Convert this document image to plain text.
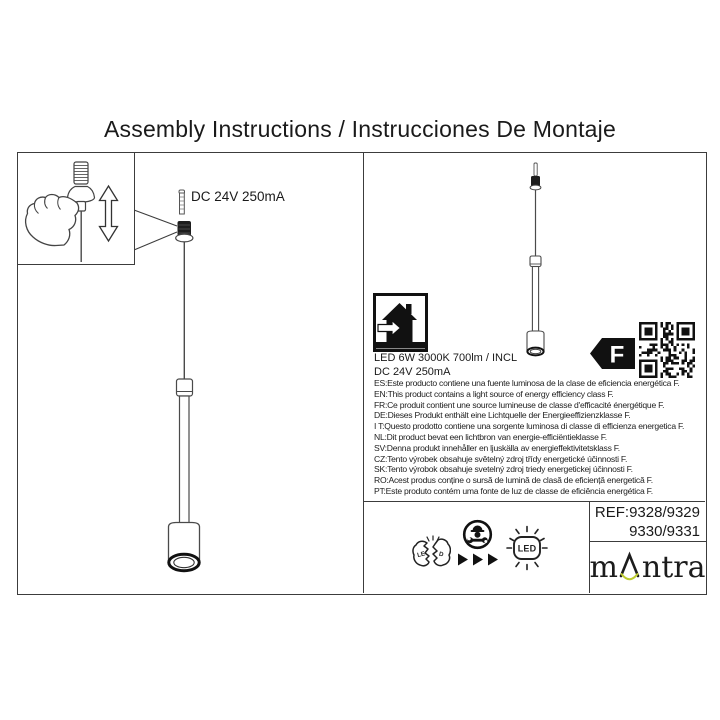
Assembly Instructions / Instrucciones De Montaje
DC 24V 250mA
LED 6W 3000K 700lm / INCL
DC 24V 250mA
ES:Este producto contiene una fuente luminosa de la clase de eficiencia energética F.
EN:This product contains a light source of energy efficiency class F.
FR:Ce produit contient une source lumineuse de classe d'efficacité énergétique F.
DE:Dieses Produkt enthält eine Lichtquelle der Energieeffizienzklasse F.
I T:Questo prodotto contiene una sorgente luminosa di classe di efficienza energetica F.
NL:Dit product bevat een lichtbron van energie-efficiëntieklasse F.
SV:Denna produkt innehåller en ljuskälla av energieffektivitetsklass F.
CZ:Tento výrobek obsahuje světelný zdroj třídy energetické účinnosti F.
SK:Tento výrobok obsahuje svetelný zdroj triedy energetickej účinnosti F.
RO:Acest produs conține o sursă de lumină de clasă de eficiență energetică F.
PT:Este produto contém uma fonte de luz de classe de eficiência energética F.
F
LE D
LED
REF:9328/9329
9330/9331
m ntra
